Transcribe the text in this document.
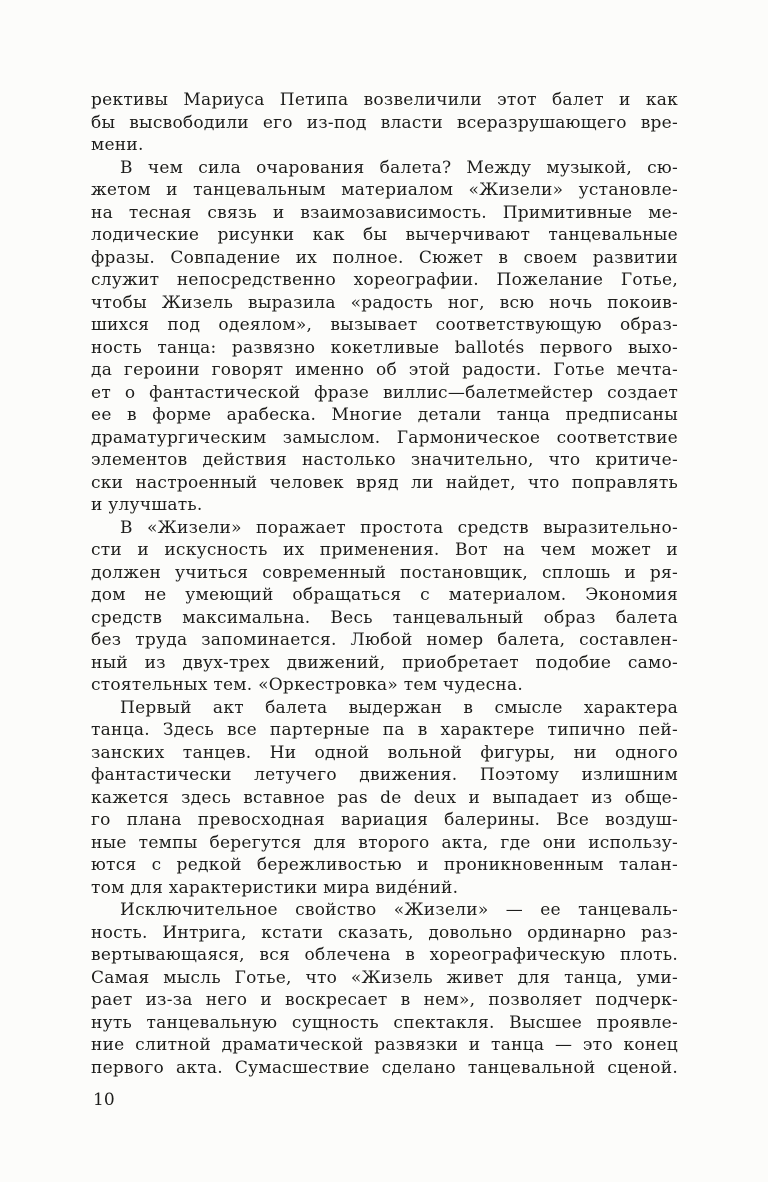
рективы Мариуса Петипа возвеличили этот балет и как
бы высвободили его из-под власти всеразрушающего вре-
мени.
В чем сила очарования балета? Между музыкой, сю-
жетом и танцевальным материалом «Жизели» установле-
на тесная связь и взаимозависимость. Примитивные ме-
лодические рисунки как бы вычерчивают танцевальные
фразы. Совпадение их полное. Сюжет в своем развитии
служит непосредственно хореографии. Пожелание Готье,
чтобы Жизель выразила «радость ног, всю ночь покоив-
шихся под одеялом», вызывает соответствующую образ-
ность танца: развязно кокетливые ballotés первого выхо-
да героини говорят именно об этой радости. Готье мечта-
ет о фантастической фразе виллис—балетмейстер создает
ее в форме арабеска. Многие детали танца предписаны
драматургическим замыслом. Гармоническое соответствие
элементов действия настолько значительно, что критиче-
ски настроенный человек вряд ли найдет, что поправлять
и улучшать.
В «Жизели» поражает простота средств выразительно-
сти и искусность их применения. Вот на чем может и
должен учиться современный постановщик, сплошь и ря-
дом не умеющий обращаться с материалом. Экономия
средств максимальна. Весь танцевальный образ балета
без труда запоминается. Любой номер балета, составлен-
ный из двух-трех движений, приобретает подобие само-
стоятельных тем. «Оркестровка» тем чудесна.
Первый акт балета выдержан в смысле характера
танца. Здесь все партерные па в характере типично пей-
занских танцев. Ни одной вольной фигуры, ни одного
фантастически летучего движения. Поэтому излишним
кажется здесь вставное pas de deux и выпадает из обще-
го плана превосходная вариация балерины. Все воздуш-
ные темпы берегутся для второго акта, где они использу-
ются с редкой бережливостью и проникновенным талан-
том для характеристики мира виде́ний.
Исключительное свойство «Жизели» — ее танцеваль-
ность. Интрига, кстати сказать, довольно ординарно раз-
вертывающаяся, вся облечена в хореографическую плоть.
Самая мысль Готье, что «Жизель живет для танца, уми-
рает из-за него и воскресает в нем», позволяет подчерк-
нуть танцевальную сущность спектакля. Высшее проявле-
ние слитной драматической развязки и танца — это конец
первого акта. Сумасшествие сделано танцевальной сценой.
10
